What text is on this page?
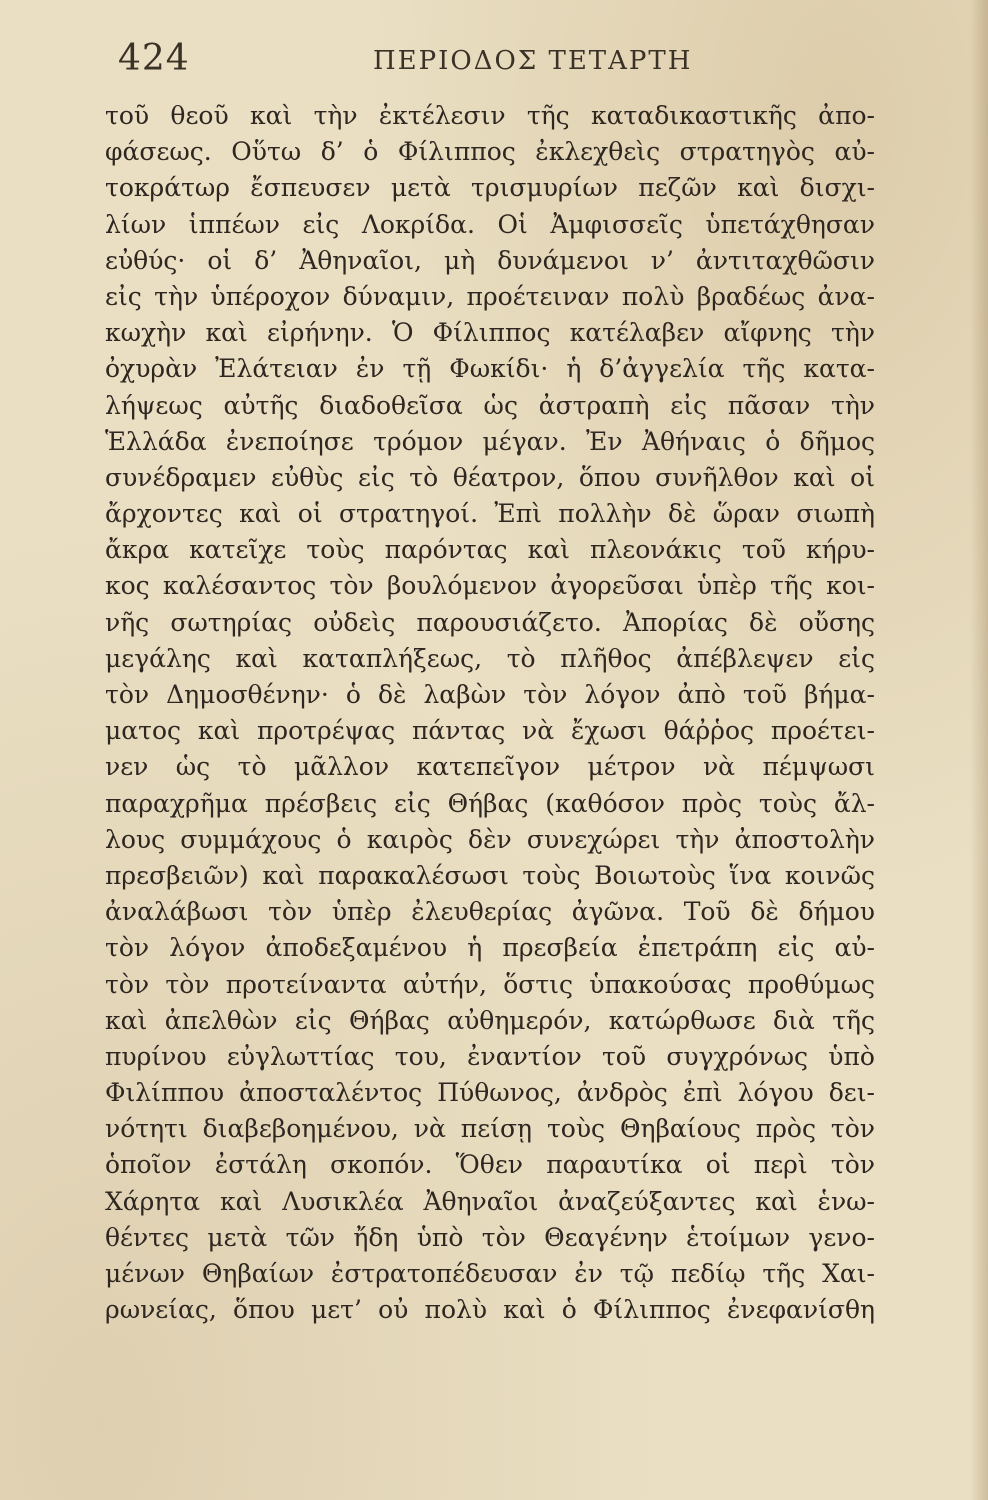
424	ΠΕΡΙΟΔΟΣ ΤΕΤΑΡΤΗ
τοῦ θεοῦ καὶ τὴν ἐκτέλεσιν τῆς καταδικαστικῆς ἀπο-
φάσεως. Οὕτω δ’ ὁ Φίλιππος ἐκλεχθεὶς στρατηγὸς αὐ-
τοκράτωρ ἔσπευσεν μετὰ τρισμυρίων πεζῶν καὶ δισχι-
λίων ἱππέων εἰς Λοκρίδα. Οἱ Ἀμφισσεῖς ὑπετάχθησαν
εὐθύς· οἱ δ’ Ἀθηναῖοι, μὴ δυνάμενοι ν’ ἀντιταχθῶσιν
εἰς τὴν ὑπέροχον δύναμιν, προέτειναν πολὺ βραδέως ἀνα-
κωχὴν καὶ εἰρήνην. Ὁ Φίλιππος κατέλαβεν αἴφνης τὴν
ὀχυρὰν Ἐλάτειαν ἐν τῇ Φωκίδι· ἡ δ’ἀγγελία τῆς κατα-
λήψεως αὐτῆς διαδοθεῖσα ὡς ἀστραπὴ εἰς πᾶσαν τὴν
Ἑλλάδα ἐνεποίησε τρόμον μέγαν. Ἐν Ἀθήναις ὁ δῆμος
συνέδραμεν εὐθὺς εἰς τὸ θέατρον, ὅπου συνῆλθον καὶ οἱ
ἄρχοντες καὶ οἱ στρατηγοί. Ἐπὶ πολλὴν δὲ ὥραν σιωπὴ
ἄκρα κατεῖχε τοὺς παρόντας καὶ πλεονάκις τοῦ κήρυ-
κος καλέσαντος τὸν βουλόμενον ἀγορεῦσαι ὑπὲρ τῆς κοι-
νῆς σωτηρίας οὐδεὶς παρουσιάζετο. Ἀπορίας δὲ οὔσης
μεγάλης καὶ καταπλήξεως, τὸ πλῆθος ἀπέβλεψεν εἰς
τὸν Δημοσθένην· ὁ δὲ λαβὼν τὸν λόγον ἀπὸ τοῦ βήμα-
ματος καὶ προτρέψας πάντας νὰ ἔχωσι θάῤῥος προέτει-
νεν ὡς τὸ μᾶλλον κατεπεῖγον μέτρον νὰ πέμψωσι
παραχρῆμα πρέσβεις εἰς Θήβας (καθόσον πρὸς τοὺς ἄλ-
λους συμμάχους ὁ καιρὸς δὲν συνεχώρει τὴν ἀποστολὴν
πρεσβειῶν) καὶ παρακαλέσωσι τοὺς Βοιωτοὺς ἵνα κοινῶς
ἀναλάβωσι τὸν ὑπὲρ ἐλευθερίας ἀγῶνα. Τοῦ δὲ δήμου
τὸν λόγον ἀποδεξαμένου ἡ πρεσβεία ἐπετράπη εἰς αὐ-
τὸν τὸν προτείναντα αὐτήν, ὅστις ὑπακούσας προθύμως
καὶ ἀπελθὼν εἰς Θήβας αὐθημερόν, κατώρθωσε διὰ τῆς
πυρίνου εὐγλωττίας του, ἐναντίον τοῦ συγχρόνως ὑπὸ
Φιλίππου ἀποσταλέντος Πύθωνος, ἀνδρὸς ἐπὶ λόγου δει-
νότητι διαβεβοημένου, νὰ πείσῃ τοὺς Θηβαίους πρὸς τὸν
ὁποῖον ἐστάλη σκοπόν. Ὅθεν παραυτίκα οἱ περὶ τὸν
Χάρητα καὶ Λυσικλέα Ἀθηναῖοι ἀναζεύξαντες καὶ ἑνω-
θέντες μετὰ τῶν ἤδη ὑπὸ τὸν Θεαγένην ἑτοίμων γενο-
μένων Θηβαίων ἐστρατοπέδευσαν ἐν τῷ πεδίῳ τῆς Χαι-
ρωνείας, ὅπου μετ’ οὐ πολὺ καὶ ὁ Φίλιππος ἐνεφανίσθη
